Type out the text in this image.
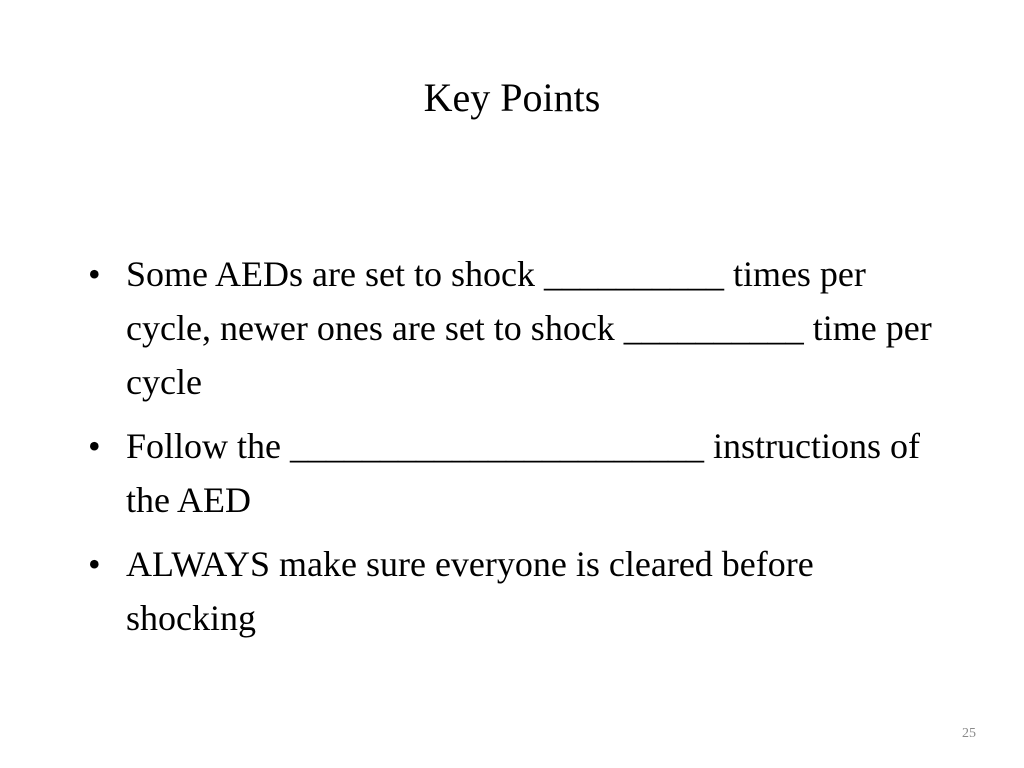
Key Points
• Some AEDs are set to shock __________ times per cycle, newer ones are set to shock __________ time per cycle
• Follow the _______________________ instructions of the AED
• ALWAYS make sure everyone is cleared before shocking
25
